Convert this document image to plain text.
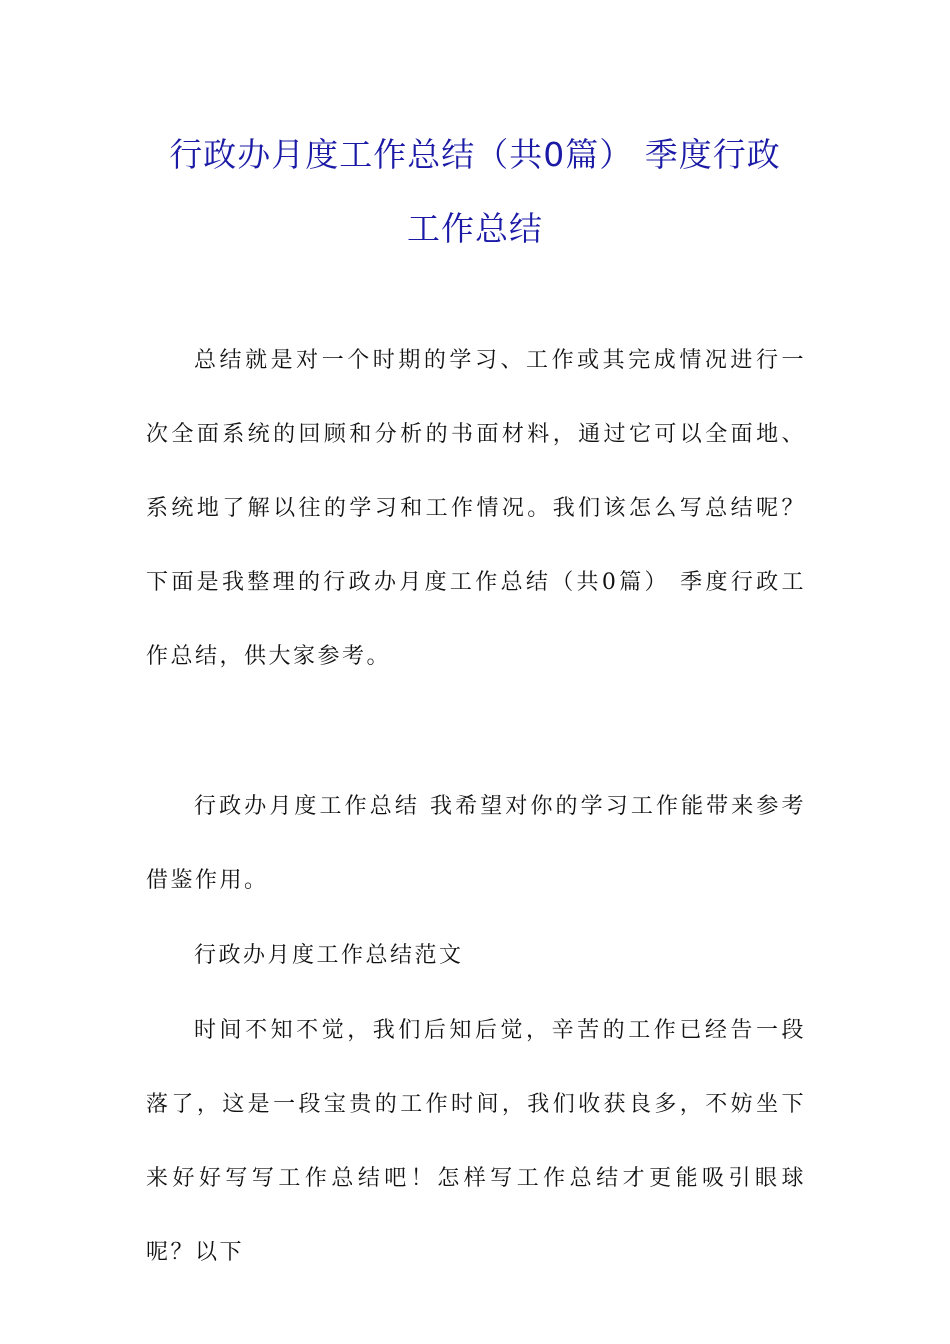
行政办月度工作总结（共0篇） 季度行政
工作总结

总结就是对一个时期的学习、工作或其完成情况进行一次全面系统的回顾和分析的书面材料，通过它可以全面地、系统地了解以往的学习和工作情况。我们该怎么写总结呢？下面是我整理的行政办月度工作总结（共0篇） 季度行政工作总结，供大家参考。

行政办月度工作总结 我希望对你的学习工作能带来参考借鉴作用。

行政办月度工作总结范文

时间不知不觉，我们后知后觉，辛苦的工作已经告一段落了，这是一段宝贵的工作时间，我们收获良多，不妨坐下来好好写写工作总结吧！怎样写工作总结才更能吸引眼球呢？以下
